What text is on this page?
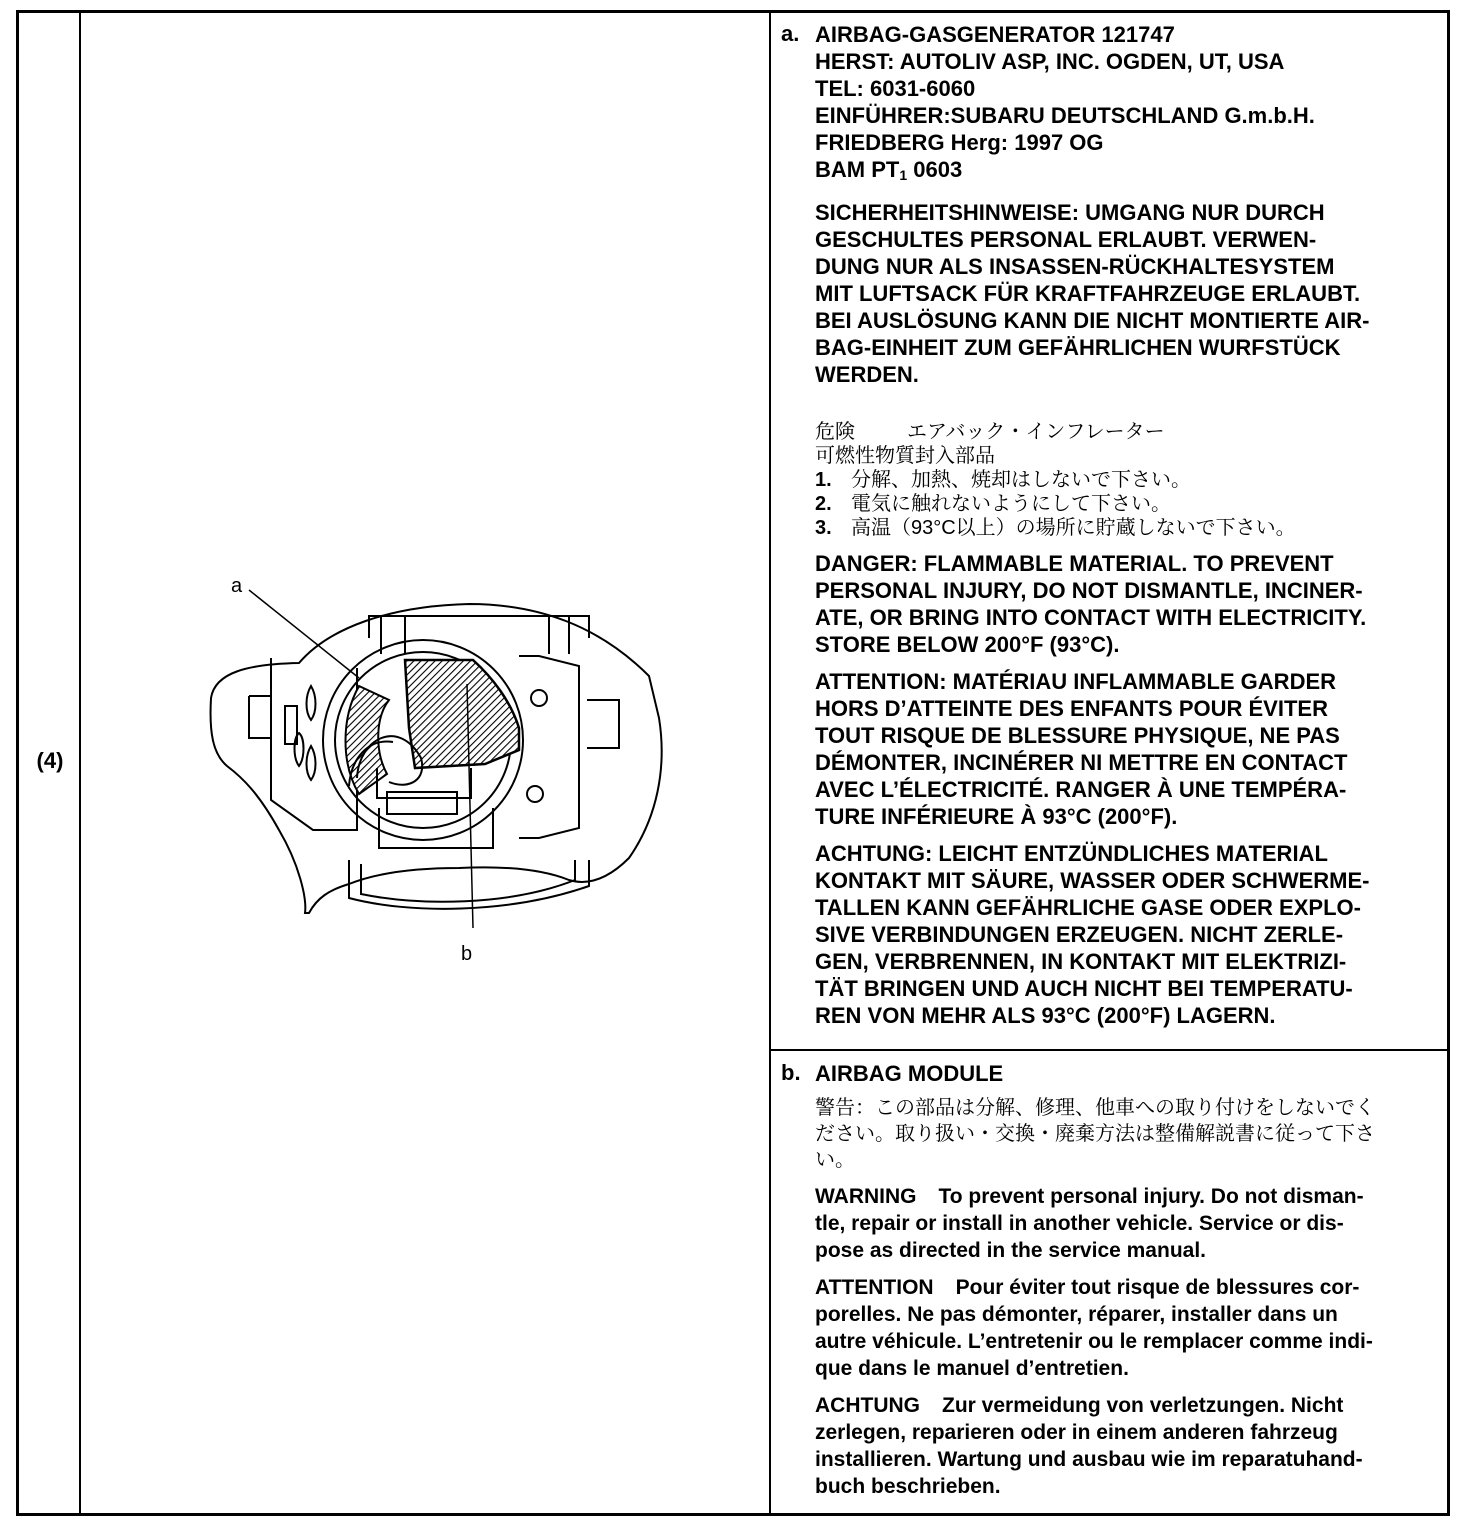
(4)
a
b
a. AIRBAG-GASGENERATOR 121747
HERST: AUTOLIV ASP, INC. OGDEN, UT, USA
TEL: 6031-6060
EINFÜHRER:SUBARU DEUTSCHLAND G.m.b.H.
FRIEDBERG Herg: 1997 OG
BAM $PT_1$ 0603
SICHERHEITSHINWEISE: UMGANG NUR DURCH
GESCHULTES PERSONAL ERLAUBT. VERWEN-
DUNG NUR ALS INSASSEN-RÜCKHALTESYSTEM
MIT LUFTSACK FÜR KRAFTFAHRZEUGE ERLAUBT.
BEI AUSLÖSUNG KANN DIE NICHT MONTIERTE AIR-
BAG-EINHEIT ZUM GEFÄHRLICHEN WURFSTÜCK
WERDEN.
危険	エアバック・インフレーター
可燃性物質封入部品
1. 分解、加熱、焼却はしないで下さい。
2. 電気に触れないようにして下さい。
3. 高温（93°C以上）の場所に貯蔵しないで下さい。
DANGER: FLAMMABLE MATERIAL. TO PREVENT
PERSONAL INJURY, DO NOT DISMANTLE, INCINER-
ATE, OR BRING INTO CONTACT WITH ELECTRICITY.
STORE BELOW 200°F (93°C).
ATTENTION: MATÉRIAU INFLAMMABLE GARDER
HORS D’ATTEINTE DES ENFANTS POUR ÉVITER
TOUT RISQUE DE BLESSURE PHYSIQUE, NE PAS
DÉMONTER, INCINÉRER NI METTRE EN CONTACT
AVEC L’ÉLECTRICITÉ. RANGER À UNE TEMPÉRA-
TURE INFÉRIEURE À 93°C (200°F).
ACHTUNG: LEICHT ENTZÜNDLICHES MATERIAL
KONTAKT MIT SÄURE, WASSER ODER SCHWERME-
TALLEN KANN GEFÄHRLICHE GASE ODER EXPLO-
SIVE VERBINDUNGEN ERZEUGEN. NICHT ZERLE-
GEN, VERBRENNEN, IN KONTAKT MIT ELEKTRIZI-
TÄT BRINGEN UND AUCH NICHT BEI TEMPERATU-
REN VON MEHR ALS 93°C (200°F) LAGERN.
b. AIRBAG MODULE
警告：この部品は分解、修理、他車への取り付けをしないでく
ださい。取り扱い・交換・廃棄方法は整備解説書に従って下さ
い。
WARNING To prevent personal injury. Do not disman-
tle, repair or install in another vehicle. Service or dis-
pose as directed in the service manual.
ATTENTION Pour éviter tout risque de blessures cor-
porelles. Ne pas démonter, réparer, installer dans un
autre véhicule. L’entretenir ou le remplacer comme indi-
que dans le manuel d’entretien.
ACHTUNG Zur vermeidung von verletzungen. Nicht
zerlegen, reparieren oder in einem anderen fahrzeug
installieren. Wartung und ausbau wie im reparatuhand-
buch beschrieben.
